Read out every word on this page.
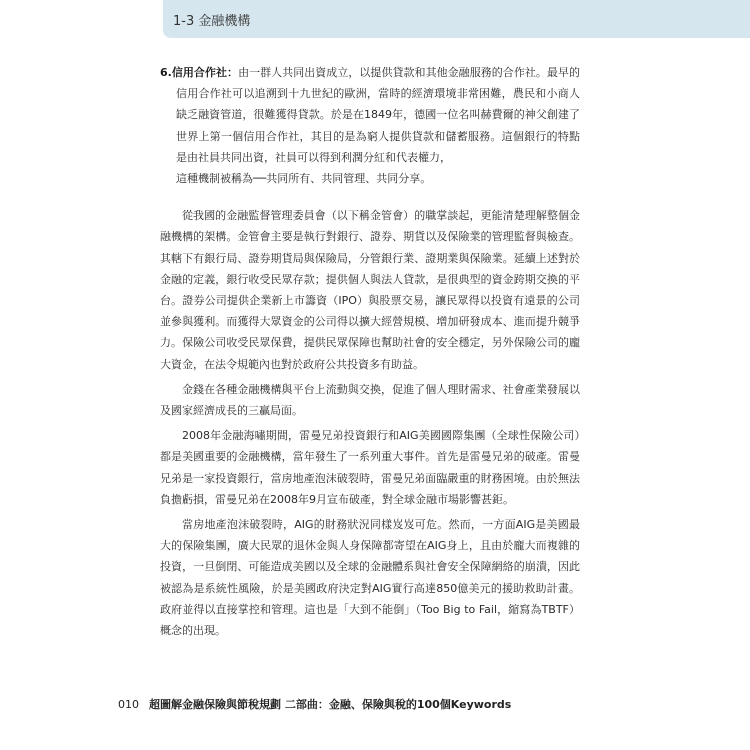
1-3 金融機構

6.信用合作社：由一群人共同出資成立，以提供貸款和其他金融服務的合作社。最早的信用合作社可以追溯到十九世紀的歐洲，當時的經濟環境非常困難，農民和小商人缺乏融資管道，很難獲得貸款。於是在1849年，德國一位名叫赫費爾的神父創建了世界上第一個信用合作社，其目的是為窮人提供貸款和儲蓄服務。這個銀行的特點是由社員共同出資，社員可以得到利潤分紅和代表權力，

這種機制被稱為──共同所有、共同管理、共同分享。

從我國的金融監督管理委員會（以下稱金管會）的職掌談起，更能清楚理解整個金融機構的架構。金管會主要是執行對銀行、證券、期貨以及保險業的管理監督與檢查。其轄下有銀行局、證券期貨局與保險局，分管銀行業、證期業與保險業。延續上述對於金融的定義，銀行收受民眾存款；提供個人與法人貸款，是很典型的資金跨期交換的平台。證券公司提供企業新上市籌資（IPO）與股票交易，讓民眾得以投資有遠景的公司並參與獲利。而獲得大眾資金的公司得以擴大經營規模、增加研發成本、進而提升競爭力。保險公司收受民眾保費，提供民眾保障也幫助社會的安全穩定，另外保險公司的龐大資金，在法令規範內也對於政府公共投資多有助益。

金錢在各種金融機構與平台上流動與交換，促進了個人理財需求、社會產業發展以及國家經濟成長的三贏局面。

2008年金融海嘯期間，雷曼兄弟投資銀行和AIG美國國際集團（全球性保險公司）都是美國重要的金融機構，當年發生了一系列重大事件。首先是雷曼兄弟的破產。雷曼兄弟是一家投資銀行，當房地產泡沫破裂時，雷曼兄弟面臨嚴重的財務困境。由於無法負擔虧損，雷曼兄弟在2008年9月宣布破產，對全球金融市場影響甚鉅。

當房地產泡沫破裂時，AIG的財務狀況同樣岌岌可危。然而，一方面AIG是美國最大的保險集團，廣大民眾的退休金與人身保障都寄望在AIG身上，且由於龐大而複雜的投資，一旦倒閉、可能造成美國以及全球的金融體系與社會安全保障網絡的崩潰，因此被認為是系統性風險，於是美國政府決定對AIG實行高達850億美元的援助救助計畫。政府並得以直接掌控和管理。這也是「大到不能倒」（Too Big to Fail，縮寫為TBTF）概念的出現。

010 超圖解金融保險與節稅規劃 二部曲：金融、保險與稅的100個Keywords
